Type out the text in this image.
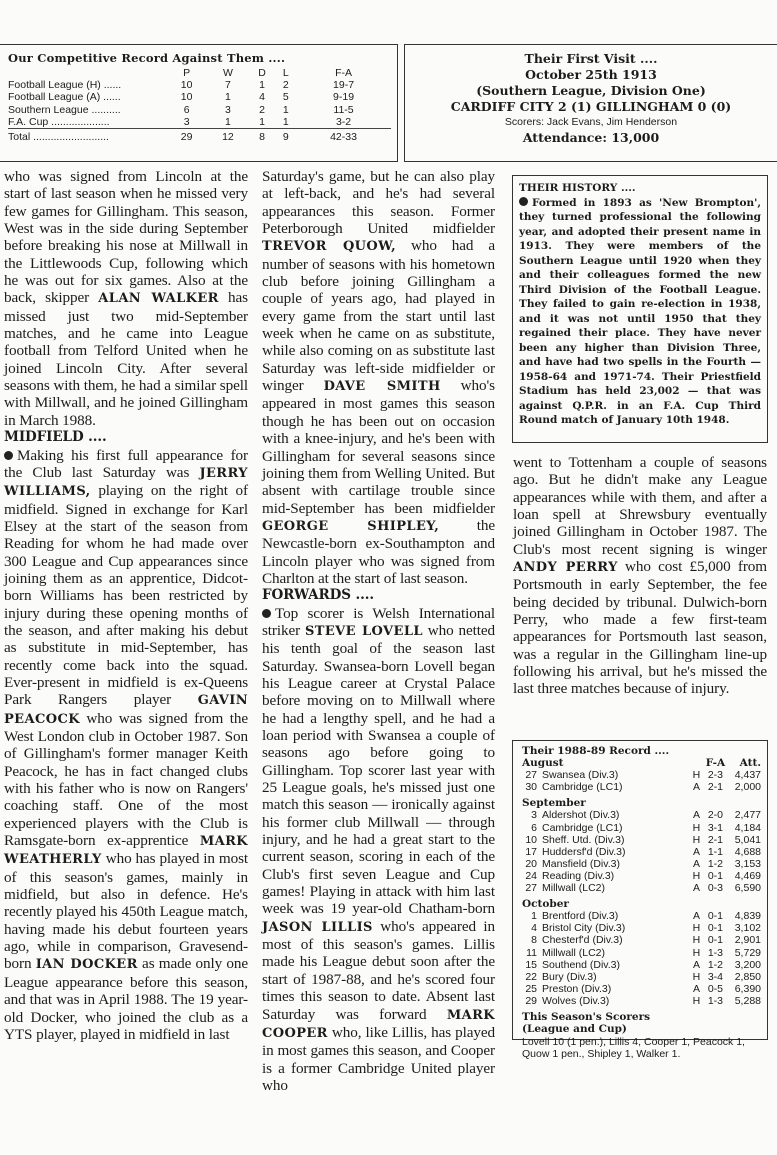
Our Competitive Record Against Them ....
	P	W	D	L	F-A
Football League (H) ......	10	7	1	2	19-7
Football League (A) ......	10	1	4	5	9-19
Southern League ..........	6	3	2	1	11-5
F.A. Cup ....................	3	1	1	1	3-2
Total ..........................	29	12	8	9	42-33
Their First Visit ....
October 25th 1913
(Southern League, Division One)
CARDIFF CITY 2 (1) GILLINGHAM 0 (0)
Scorers: Jack Evans, Jim Henderson
Attendance: 13,000
who was signed from Lincoln at the start of last season when he missed very few games for Gillingham. This season, West was in the side during September before breaking his nose at Millwall in the Littlewoods Cup, following which he was out for six games. Also at the back, skipper ALAN WALKER has missed just two mid-September matches, and he came into League football from Telford United when he joined Lincoln City. After several seasons with them, he had a similar spell with Millwall, and he joined Gillingham in March 1988.
MIDFIELD ....
Making his first full appearance for the Club last Saturday was JERRY WILLIAMS, playing on the right of midfield. Signed in exchange for Karl Elsey at the start of the season from Reading for whom he had made over 300 League and Cup appearances since joining them as an apprentice, Didcot-born Williams has been restricted by injury during these opening months of the season, and after making his debut as substitute in mid-September, has recently come back into the squad. Ever-present in midfield is ex-Queens Park Rangers player GAVIN PEACOCK who was signed from the West London club in October 1987. Son of Gillingham's former manager Keith Peacock, he has in fact changed clubs with his father who is now on Rangers' coaching staff. One of the most experienced players with the Club is Ramsgate-born ex-apprentice MARK WEATHERLY who has played in most of this season's games, mainly in midfield, but also in defence. He's recently played his 450th League match, having made his debut fourteen years ago, while in comparison, Gravesend-born IAN DOCKER as made only one League appearance before this season, and that was in April 1988. The 19 year-old Docker, who joined the club as a YTS player, played in midfield in last
Saturday's game, but he can also play at left-back, and he's had several appearances this season. Former Peterborough United midfielder TREVOR QUOW, who had a number of seasons with his hometown club before joining Gillingham a couple of years ago, had played in every game from the start until last week when he came on as substitute, while also coming on as substitute last Saturday was left-side midfielder or winger DAVE SMITH who's appeared in most games this season though he has been out on occasion with a knee-injury, and he's been with Gillingham for several seasons since joining them from Welling United. But absent with cartilage trouble since mid-September has been midfielder GEORGE SHIPLEY, the Newcastle-born ex-Southampton and Lincoln player who was signed from Charlton at the start of last season.
FORWARDS ....
Top scorer is Welsh International striker STEVE LOVELL who netted his tenth goal of the season last Saturday. Swansea-born Lovell began his League career at Crystal Palace before moving on to Millwall where he had a lengthy spell, and he had a loan period with Swansea a couple of seasons ago before going to Gillingham. Top scorer last year with 25 League goals, he's missed just one match this season — ironically against his former club Millwall — through injury, and he had a great start to the current season, scoring in each of the Club's first seven League and Cup games! Playing in attack with him last week was 19 year-old Chatham-born JASON LILLIS who's appeared in most of this season's games. Lillis made his League debut soon after the start of 1987-88, and he's scored four times this season to date. Absent last Saturday was forward MARK COOPER who, like Lillis, has played in most games this season, and Cooper is a former Cambridge United player who
THEIR HISTORY ....
Formed in 1893 as 'New Brompton', they turned professional the following year, and adopted their present name in 1913. They were members of the Southern League until 1920 when they and their colleagues formed the new Third Division of the Football League. They failed to gain re-election in 1938, and it was not until 1950 that they regained their place. They have never been any higher than Division Three, and have had two spells in the Fourth — 1958-64 and 1971-74. Their Priestfield Stadium has held 23,002 — that was against Q.P.R. in an F.A. Cup Third Round match of January 10th 1948.
went to Tottenham a couple of seasons ago. But he didn't make any League appearances while with them, and after a loan spell at Shrewsbury eventually joined Gillingham in October 1987. The Club's most recent signing is winger ANDY PERRY who cost £5,000 from Portsmouth in early September, the fee being decided by tribunal. Dulwich-born Perry, who made a few first-team appearances for Portsmouth last season, was a regular in the Gillingham line-up following his arrival, but he's missed the last three matches because of injury.
Their 1988-89 Record ....				
August			F-A	Att.
27	Swansea (Div.3)	H	2-3	4,437
30	Cambridge (LC1)	A	2-1	2,000
September				
3	Aldershot (Div.3)	A	2-0	2,477
6	Cambridge (LC1)	H	3-1	4,184
10	Sheff. Utd. (Div.3)	H	2-1	5,041
17	Huddersf'd (Div.3)	A	1-1	4,688
20	Mansfield (Div.3)	A	1-2	3,153
24	Reading (Div.3)	H	0-1	4,469
27	Millwall (LC2)	A	0-3	6,590
October				
1	Brentford (Div.3)	A	0-1	4,839
4	Bristol City (Div.3)	H	0-1	3,102
8	Chesterf'd (Div.3)	H	0-1	2,901
11	Millwall (LC2)	H	1-3	5,729
15	Southend (Div.3)	A	1-2	3,200
22	Bury (Div.3)	H	3-4	2,850
25	Preston (Div.3)	A	0-5	6,390
29	Wolves (Div.3)	H	1-3	5,288
This Season's Scorers
(League and Cup)
Lovell 10 (1 pen.), Lillis 4, Cooper 1, Peacock 1, Quow 1 pen., Shipley 1, Walker 1.
